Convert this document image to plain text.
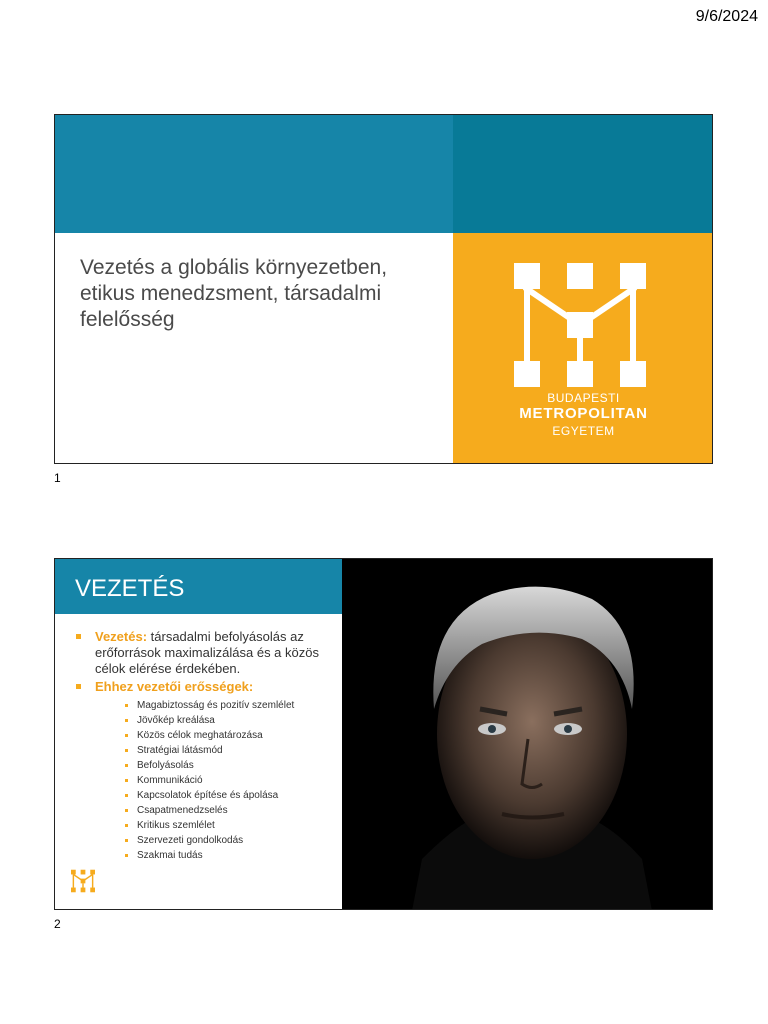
9/6/2024
Vezetés a globális környezetben, etikus menedzsment, társadalmi felelősség
BUDAPESTI
METROPOLITAN
EGYETEM
1
VEZETÉS
Vezetés: társadalmi befolyásolás az erőforrások maximalizálása és a közös célok elérése érdekében.
Ehhez vezetői erősségek:
Magabiztosság és pozitív szemlélet
Jövőkép kreálása
Közös célok meghatározása
Stratégiai látásmód
Befolyásolás
Kommunikáció
Kapcsolatok építése és ápolása
Csapatmenedzselés
Kritikus szemlélet
Szervezeti gondolkodás
Szakmai tudás
2
